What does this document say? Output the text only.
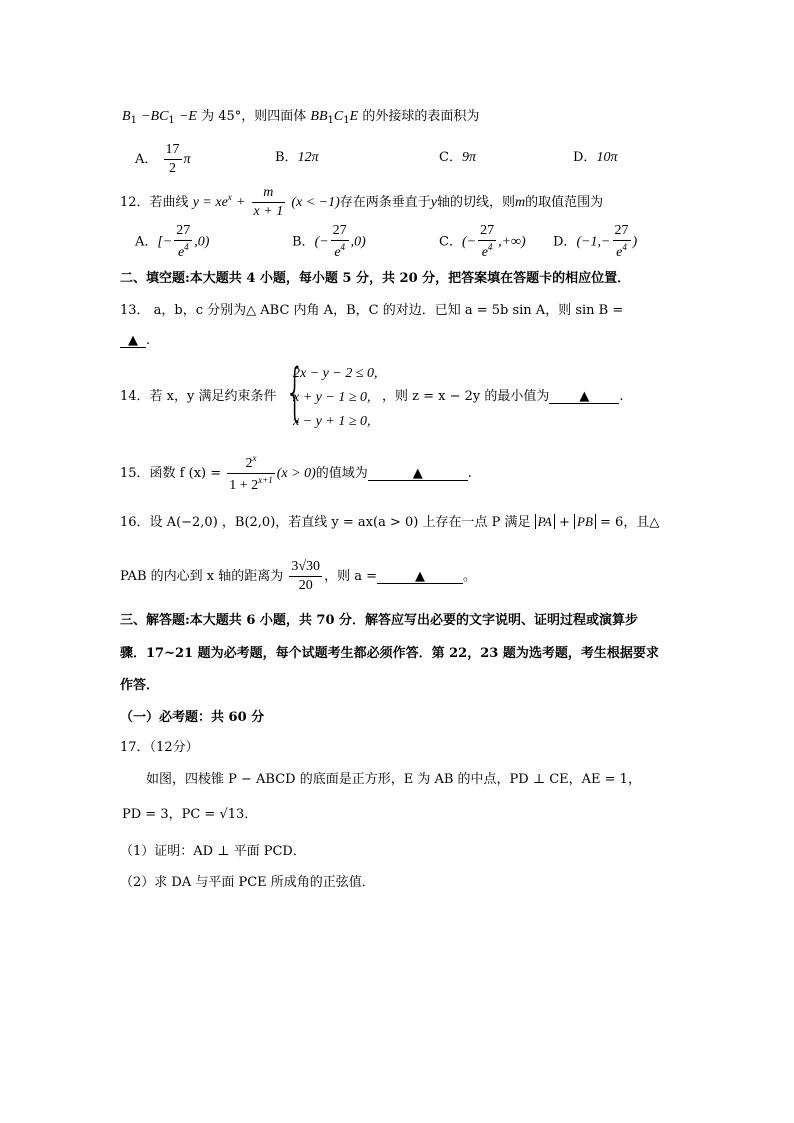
$B_1 -BC_1 -E$ 为 45°，则四面体 $BB_1C_1E$ 的外接球的表面积为
A． $\frac{17}{2}$ π	B．12π	C．9π	D．10π
12．若曲线 $y = xe^x + \frac{m}{x + 1} (x < -1)$存在两条垂直于y轴的切线，则m的取值范围为
A．[− $\frac{27}{e^4} ,0$)	B．(− $\frac{27}{e^4} ,0$)	C．(− $\frac{27}{e^4}$ ,+∞) D．($-1,- \frac{27}{e^4}$ )
二、填空题:本大题共 4 小题，每小题 5 分，共 20 分，把答案填在答题卡的相应位置．
13． a，b，c 分别为△ ABC 内角 A，B，C 的对边．已知 a = 5b sin A，则 sin B =
▲ .
14．若 x，y 满足约束条件 {
2x − y − 2 ≤ 0,
x + y − 1 ≥ 0,
x − y + 1 ≥ 0,
，则 z = x − 2y 的最小值为 ▲ .
15．函数 f $(x) = \frac{2^x}{1 + 2^{x+1}} (x > 0)$的值域为	▲	.
16．设 A(−2,0) ，B(2,0)，若直线 y = ax(a > 0) 上存在一点 P 满足 PA + PB = 6，且△
PAB 的内心到 x 轴的距离为 $\frac{3√30}{20}$ ，则 a =	▲	。
三、解答题:本大题共 6 小题，共 70 分．解答应写出必要的文字说明、证明过程或演算步
骤．17~21 题为必考题，每个试题考生都必须作答．第 22，23 题为选考题，考生根据要求
作答．
（一）必考题：共 60 分
17．（12分）
如图，四棱锥 P − ABCD 的底面是正方形，E 为 AB 的中点，PD ⊥ CE，AE = 1，
PD = 3，PC = √13．
（1）证明：AD ⊥ 平面 PCD．
（2）求 DA 与平面 PCE 所成角的正弦值．
